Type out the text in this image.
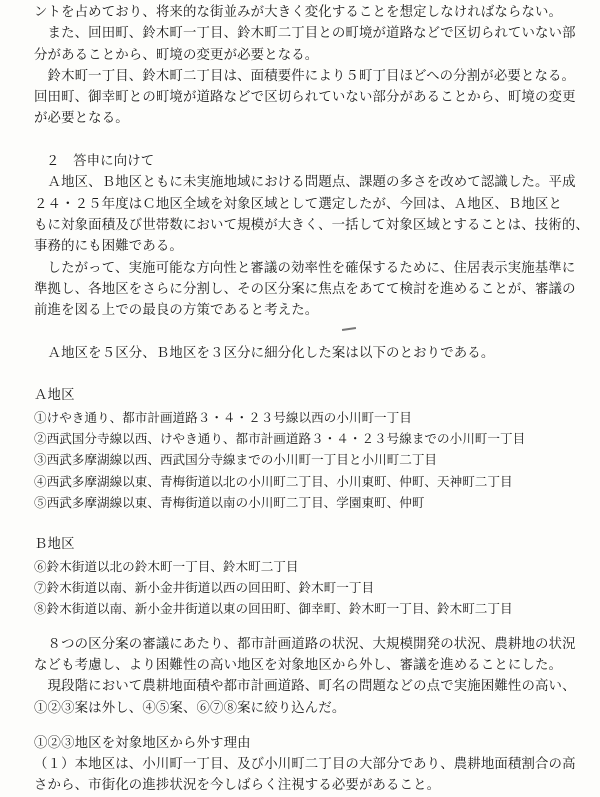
ントを占めており、将来的な街並みが大きく変化することを想定しなければならない。

　また、回田町、鈴木町一丁目、鈴木町二丁目との町境が道路などで区切られていない部

分があることから、町境の変更が必要となる。

　鈴木町一丁目、鈴木町二丁目は、面積要件により５町丁目ほどへの分割が必要となる。

回田町、御幸町との町境が道路などで区切られていない部分があることから、町境の変更

が必要となる。

２　答申に向けて

　Ａ地区、Ｂ地区ともに未実施地域における問題点、課題の多さを改めて認識した。平成

２４・２５年度はＣ地区全域を対象区域として選定したが、今回は、Ａ地区、Ｂ地区と

もに対象面積及び世帯数において規模が大きく、一括して対象区域とすることは、技術的、

事務的にも困難である。

　したがって、実施可能な方向性と審議の効率性を確保するために、住居表示実施基準に

準拠し、各地区をさらに分割し、その区分案に焦点をあてて検討を進めることが、審議の

前進を図る上での最良の方策であると考えた。

　Ａ地区を５区分、Ｂ地区を３区分に細分化した案は以下のとおりである。

Ａ地区

①けやき通り、都市計画道路３・４・２３号線以西の小川町一丁目

②西武国分寺線以西、けやき通り、都市計画道路３・４・２３号線までの小川町一丁目

③西武多摩湖線以西、西武国分寺線までの小川町一丁目と小川町二丁目

④西武多摩湖線以東、青梅街道以北の小川町二丁目、小川東町、仲町、天神町二丁目

⑤西武多摩湖線以東、青梅街道以南の小川町二丁目、学園東町、仲町

Ｂ地区

⑥鈴木街道以北の鈴木町一丁目、鈴木町二丁目

⑦鈴木街道以南、新小金井街道以西の回田町、鈴木町一丁目

⑧鈴木街道以南、新小金井街道以東の回田町、御幸町、鈴木町一丁目、鈴木町二丁目

　８つの区分案の審議にあたり、都市計画道路の状況、大規模開発の状況、農耕地の状況

なども考慮し、より困難性の高い地区を対象地区から外し、審議を進めることにした。

　現段階において農耕地面積や都市計画道路、町名の問題などの点で実施困難性の高い、

①②③案は外し、④⑤案、⑥⑦⑧案に絞り込んだ。

①②③地区を対象地区から外す理由

（１）本地区は、小川町一丁目、及び小川町二丁目の大部分であり、農耕地面積割合の高

さから、市街化の進捗状況を今しばらく注視する必要があること。
